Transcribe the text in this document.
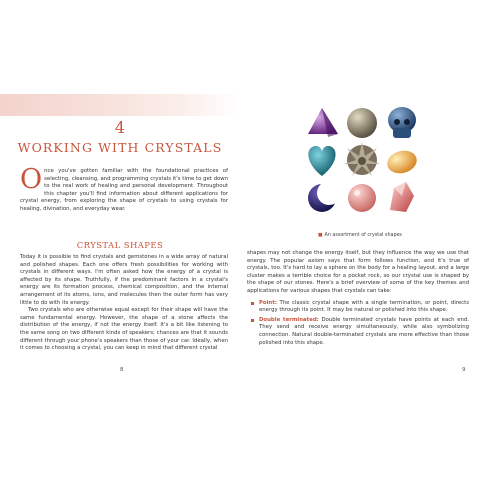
4
WORKING WITH CRYSTALS
Once you've gotten familiar with the foundational practices of selecting, cleansing, and programming crystals it's time to get down to the real work of healing and personal development. Throughout this chapter you'll find information about different applications for crystal energy, from exploring the shape of crystals to using crystals for healing, divination, and everyday wear.
CRYSTAL SHAPES

Today it is possible to find crystals and gemstones in a wide array of natural and polished shapes. Each one offers fresh possibilities for working with crystals in different ways. I'm often asked how the energy of a crystal is affected by its shape. Truthfully, if the predominant factors in a crystal's energy are its formation process, chemical composition, and the internal arrangement of its atoms, ions, and molecules then the outer form has very little to do with its energy.

Two crystals who are otherwise equal except for their shape will have the same fundamental energy. However, the shape of a stone affects the distribution of the energy, if not the energy itself. It's a bit like listening to the same song on two different kinds of speakers; chances are that it sounds different through your phone's speakers than those of your car. Ideally, when it comes to choosing a crystal, you can keep in mind that different crystal

8
■ An assortment of crystal shapes

shapes may not change the energy itself, but they influence the way we use that energy. The popular axiom says that form follows function, and it's true of crystals, too. It's hard to lay a sphere on the body for a healing layout, and a large cluster makes a terrible choice for a pocket rock, so our crystal use is shaped by the shape of our stones. Here's a brief overview of some of the key themes and applications for various shapes that crystals can take:

Point: The classic crystal shape with a single termination, or point, directs energy through its point. It may be natural or polished into this shape.
Double terminated: Double terminated crystals have points at each end. They send and receive energy simultaneously, while also symbolizing connection. Natural double-terminated crystals are more effective than those polished into this shape.
9
